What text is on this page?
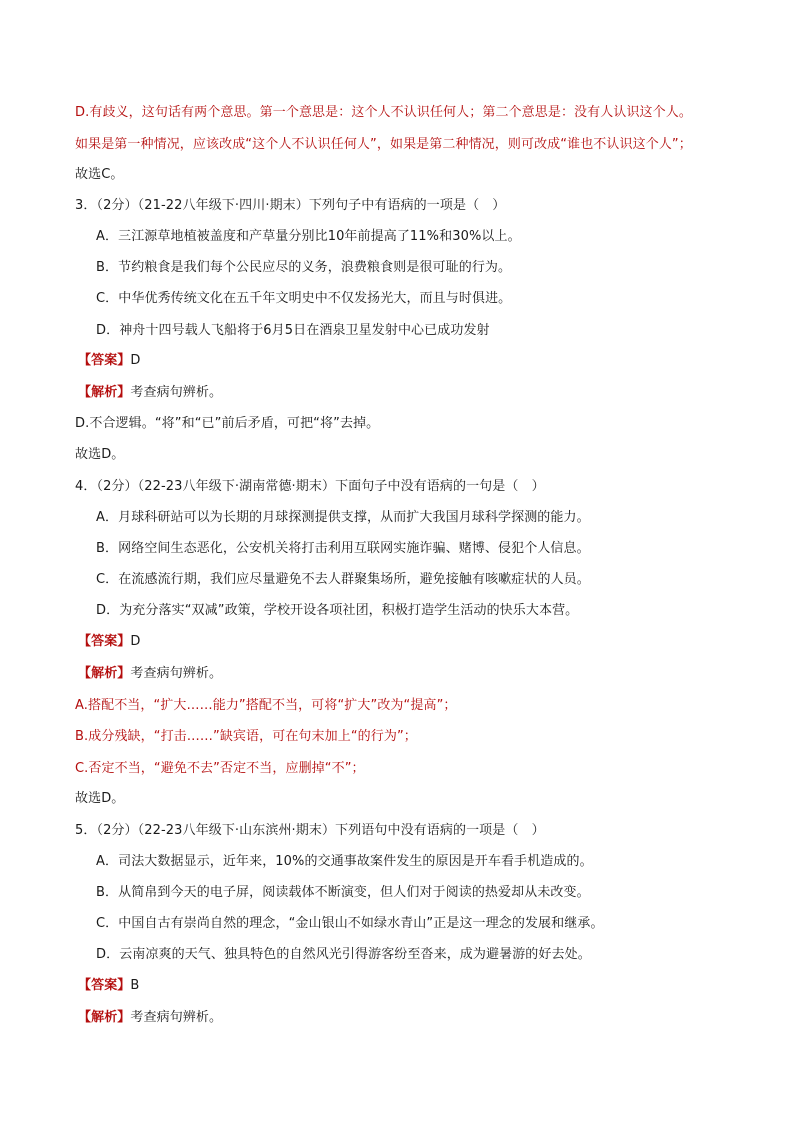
D.有歧义，这句话有两个意思。第一个意思是：这个人不认识任何人；第二个意思是：没有人认识这个人。
如果是第一种情况，应该改成“这个人不认识任何人”，如果是第二种情况，则可改成“谁也不认识这个人”；
故选C。
3．（2分）（21-22八年级下·四川·期末）下列句子中有语病的一项是（　）
A．三江源草地植被盖度和产草量分别比10年前提高了11%和30%以上。
B．节约粮食是我们每个公民应尽的义务，浪费粮食则是很可耻的行为。
C．中华优秀传统文化在五千年文明史中不仅发扬光大，而且与时俱进。
D．神舟十四号载人飞船将于6月5日在酒泉卫星发射中心已成功发射
【答案】D
【解析】考查病句辨析。
D.不合逻辑。“将”和“已”前后矛盾，可把“将”去掉。
故选D。
4．（2分）（22-23八年级下·湖南常德·期末）下面句子中没有语病的一句是（　）
A．月球科研站可以为长期的月球探测提供支撑，从而扩大我国月球科学探测的能力。
B．网络空间生态恶化，公安机关将打击利用互联网实施诈骗、赌博、侵犯个人信息。
C．在流感流行期，我们应尽量避免不去人群聚集场所，避免接触有咳嗽症状的人员。
D．为充分落实“双减”政策，学校开设各项社团，积极打造学生活动的快乐大本营。
【答案】D
【解析】考查病句辨析。
A.搭配不当，“扩大……能力”搭配不当，可将“扩大”改为“提高”；
B.成分残缺，“打击……”缺宾语，可在句末加上“的行为”；
C.否定不当，“避免不去”否定不当，应删掉“不”；
故选D。
5．（2分）（22-23八年级下·山东滨州·期末）下列语句中没有语病的一项是（　）
A．司法大数据显示，近年来，10%的交通事故案件发生的原因是开车看手机造成的。
B．从简帛到今天的电子屏，阅读载体不断演变，但人们对于阅读的热爱却从未改变。
C．中国自古有崇尚自然的理念，“金山银山不如绿水青山”正是这一理念的发展和继承。
D．云南凉爽的天气、独具特色的自然风光引得游客纷至沓来，成为避暑游的好去处。
【答案】B
【解析】考查病句辨析。
